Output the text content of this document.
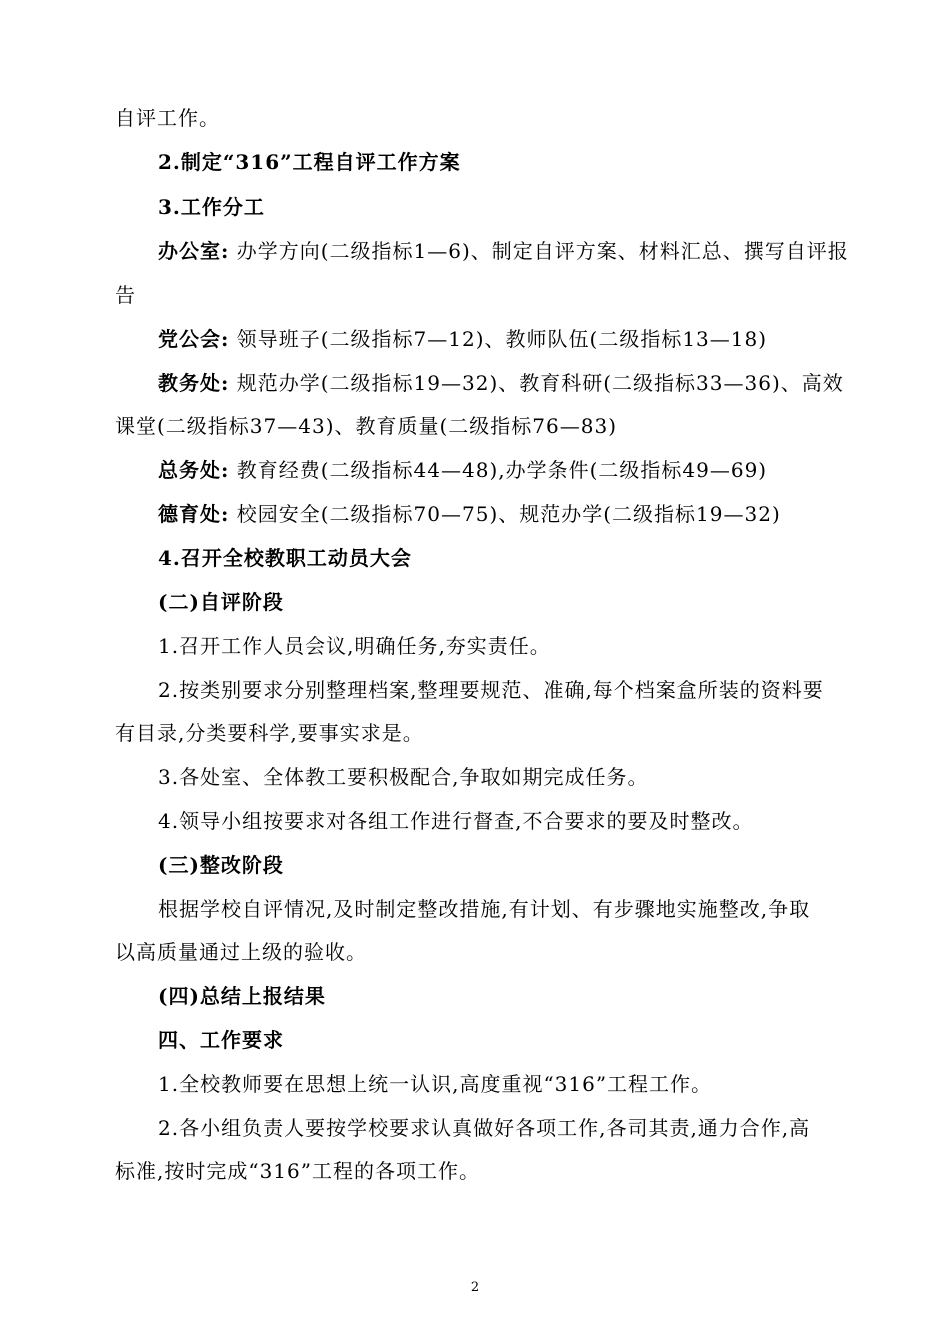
自评工作。
2.制定“316”工程自评工作方案
3.工作分工
办公室: 办学方向(二级指标1—6)、制定自评方案、材料汇总、撰写自评报
告
党公会: 领导班子(二级指标7—12)、教师队伍(二级指标13—18)
教务处: 规范办学(二级指标19—32)、教育科研(二级指标33—36)、高效
课堂(二级指标37—43)、教育质量(二级指标76—83)
总务处: 教育经费(二级指标44—48),办学条件(二级指标49—69)
德育处: 校园安全(二级指标70—75)、规范办学(二级指标19—32)
4.召开全校教职工动员大会
(二)自评阶段
1.召开工作人员会议,明确任务,夯实责任。
2.按类别要求分别整理档案,整理要规范、准确,每个档案盒所装的资料要
有目录,分类要科学,要事实求是。
3.各处室、全体教工要积极配合,争取如期完成任务。
4.领导小组按要求对各组工作进行督查,不合要求的要及时整改。
(三)整改阶段
根据学校自评情况,及时制定整改措施,有计划、有步骤地实施整改,争取
以高质量通过上级的验收。
(四)总结上报结果
四、工作要求
1.全校教师要在思想上统一认识,高度重视“316”工程工作。
2.各小组负责人要按学校要求认真做好各项工作,各司其责,通力合作,高
标准,按时完成“316”工程的各项工作。
2
